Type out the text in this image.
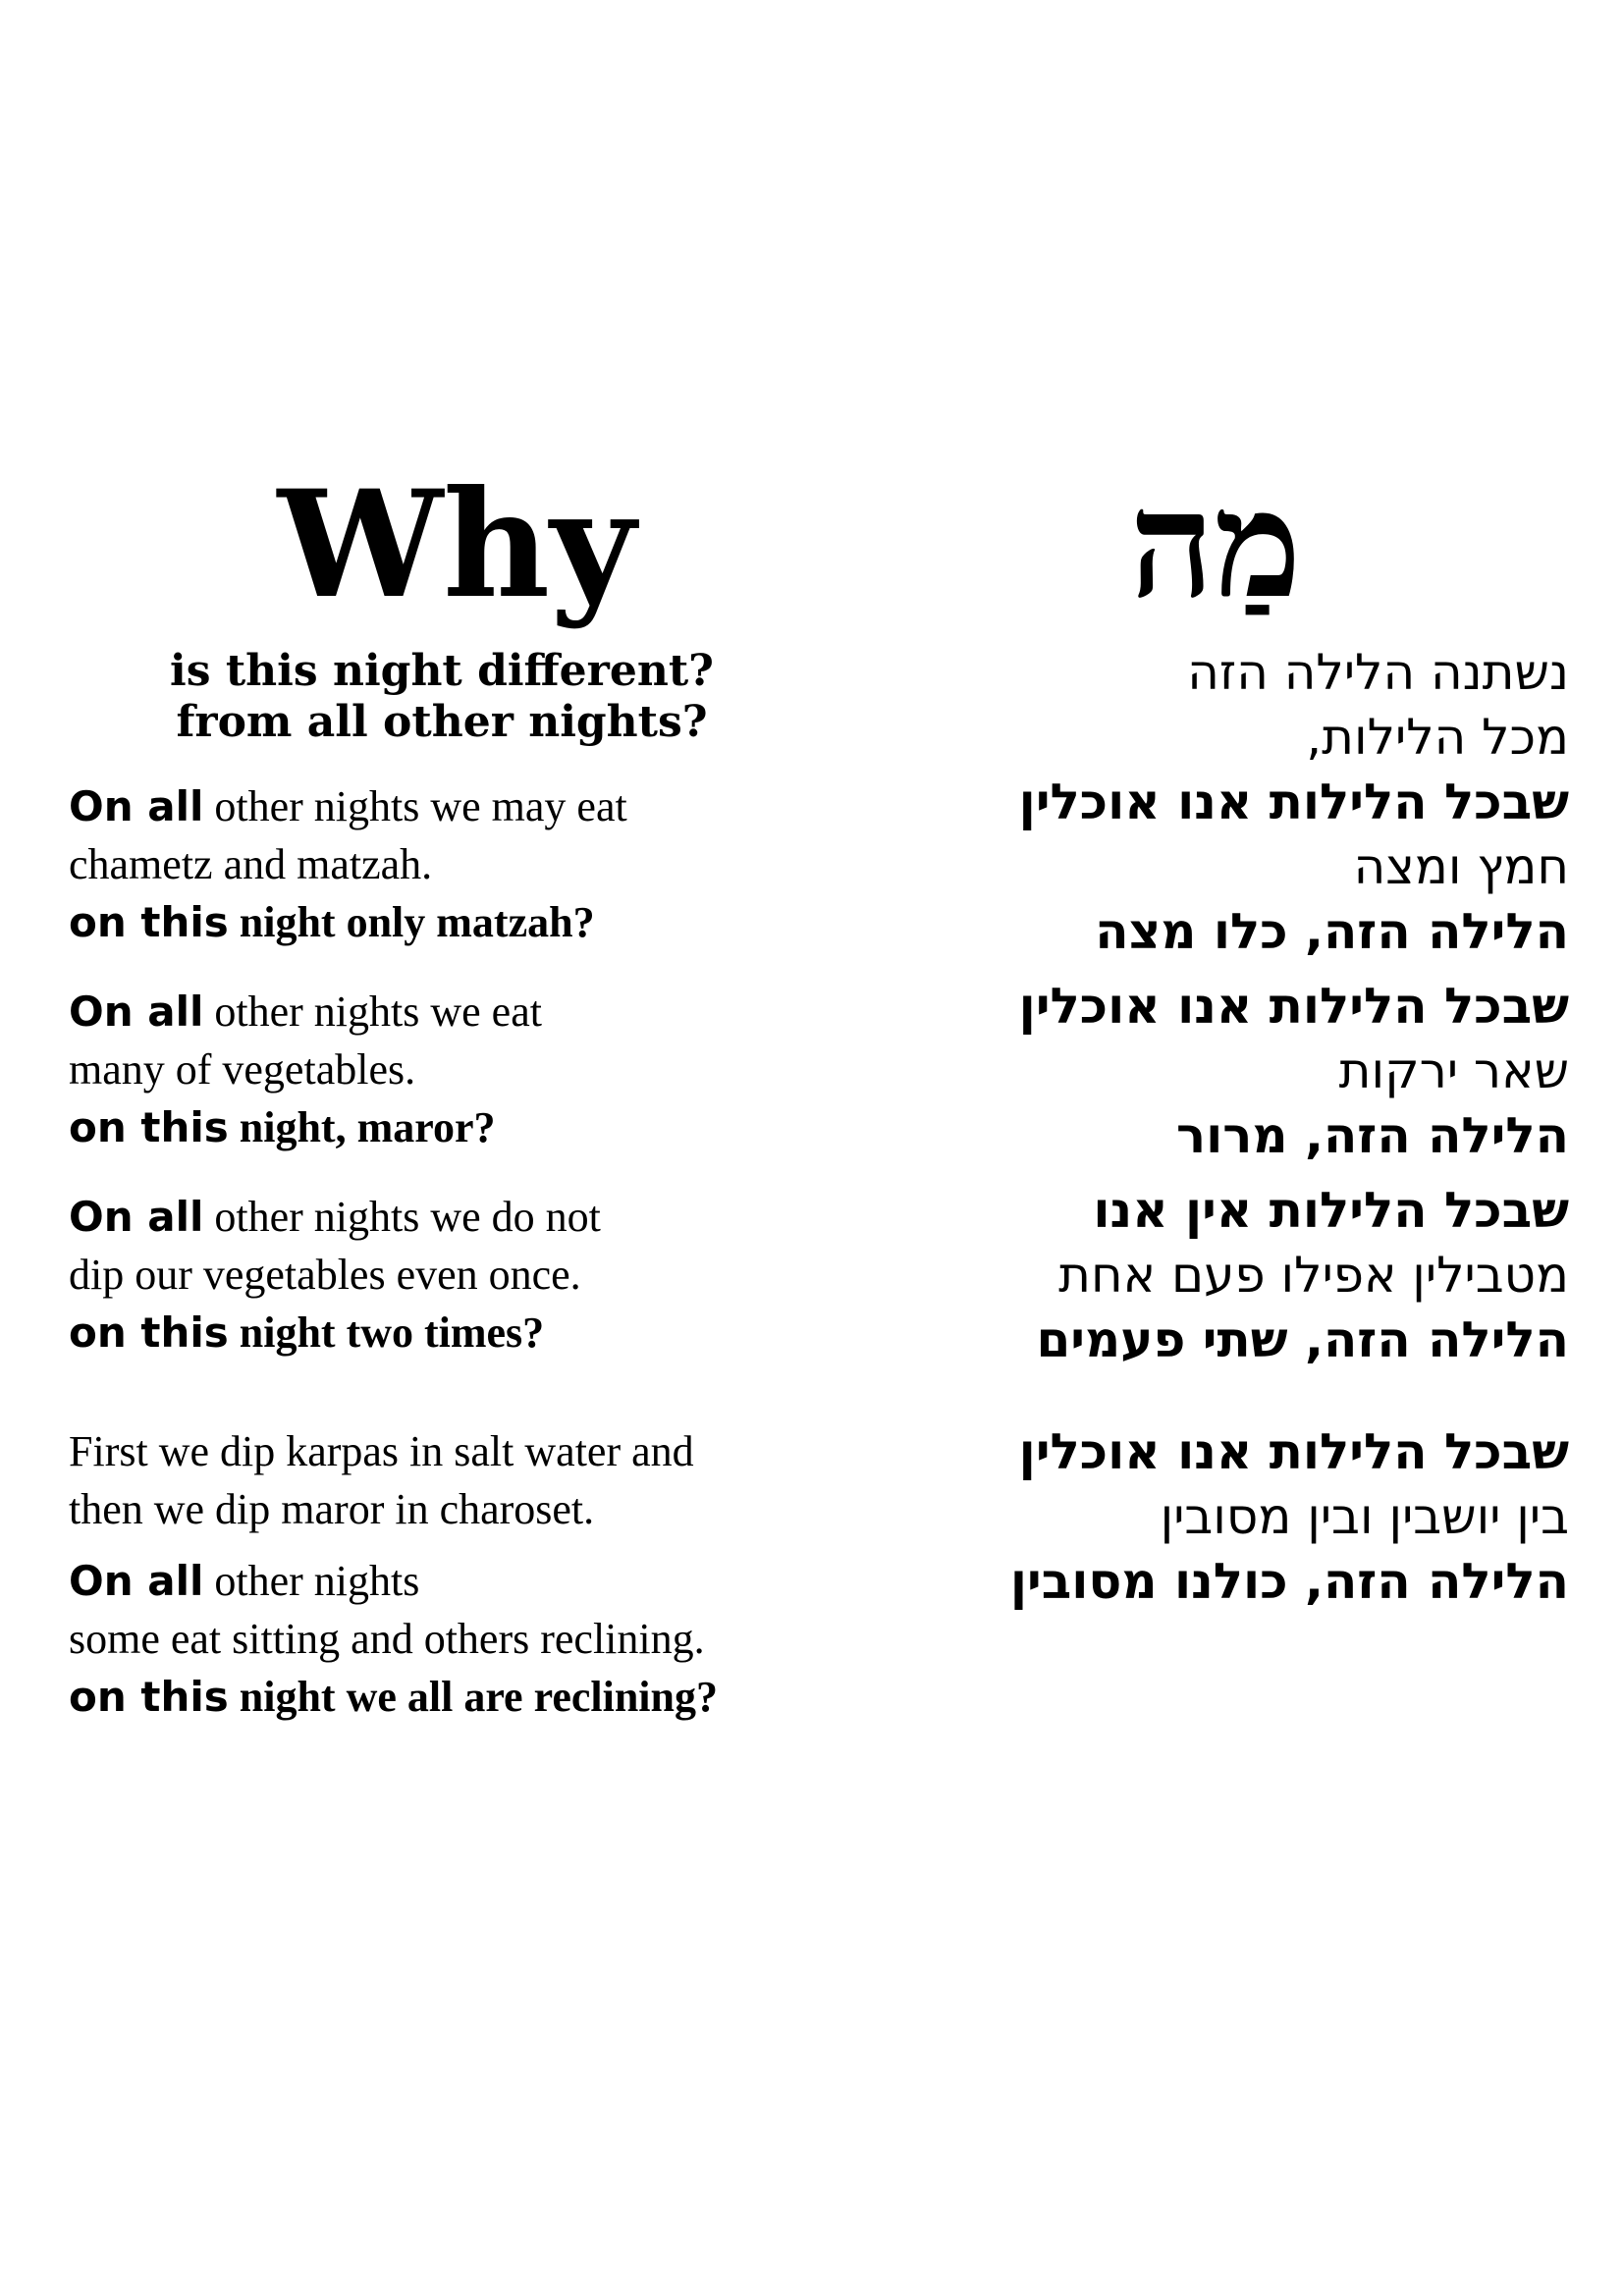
Why
is this night different?
from all other nights?
On all other nights we may eat
chametz and matzah.
on this night only matzah?
On all other nights we eat
many of vegetables.
on this night, maror?
On all other nights we do not
dip our vegetables even once.
on this night two times?
First we dip karpas in salt water and
then we dip maror in charoset.
On all other nights
some eat sitting and others reclining.
on this night we all are reclining?
מַה
נשתנה הלילה הזה
מכל הלילות,
שבכל הלילות אנו אוכלין
חמץ ומצה
הלילה הזה, כלו מצה
שבכל הלילות אנו אוכלין
שאר ירקות
הלילה הזה, מרור
שבכל הלילות אין אנו
מטבילין אפילו פעם אחת
הלילה הזה, שתי פעמים
שבכל הלילות אנו אוכלין
בין יושבין ובין מסובין
הלילה הזה, כולנו מסובין
